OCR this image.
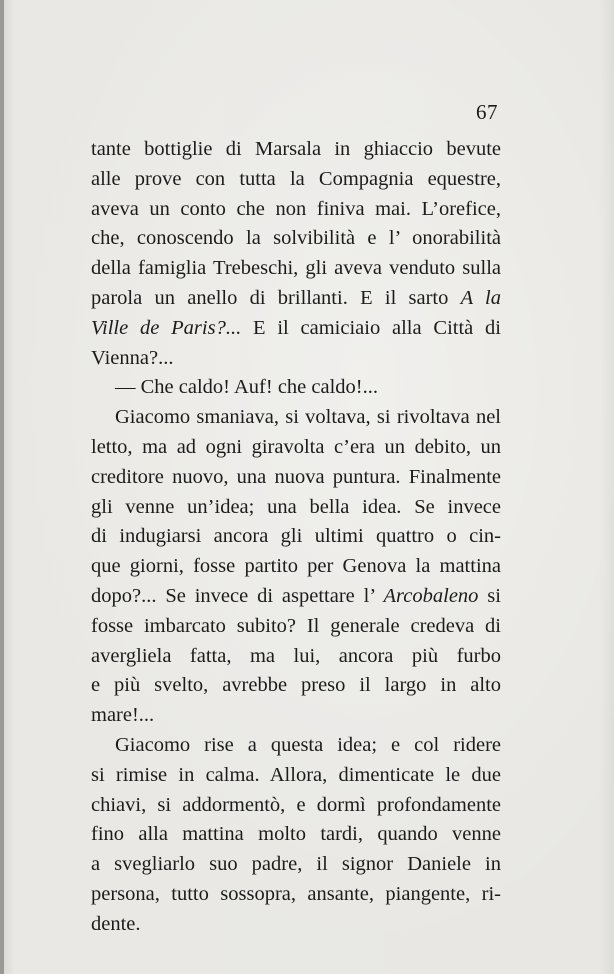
67
tante bottiglie di Marsala in ghiaccio bevute
alle prove con tutta la Compagnia equestre,
aveva un conto che non finiva mai. L’orefice,
che, conoscendo la solvibilità e l’ onorabilità
della famiglia Trebeschi, gli aveva venduto sulla
parola un anello di brillanti. E il sarto A la
Ville de Paris?... E il camiciaio alla Città di
Vienna?...
— Che caldo! Auf! che caldo!...
Giacomo smaniava, si voltava, si rivoltava nel
letto, ma ad ogni giravolta c’era un debito, un
creditore nuovo, una nuova puntura. Finalmente
gli venne un’idea; una bella idea. Se invece
di indugiarsi ancora gli ultimi quattro o cin-
que giorni, fosse partito per Genova la mattina
dopo?... Se invece di aspettare l’ Arcobaleno si
fosse imbarcato subito? Il generale credeva di
avergliela fatta, ma lui, ancora più furbo
e più svelto, avrebbe preso il largo in alto
mare!...
Giacomo rise a questa idea; e col ridere
si rimise in calma. Allora, dimenticate le due
chiavi, si addormentò, e dormì profondamente
fino alla mattina molto tardi, quando venne
a svegliarlo suo padre, il signor Daniele in
persona, tutto sossopra, ansante, piangente, ri-
dente.
